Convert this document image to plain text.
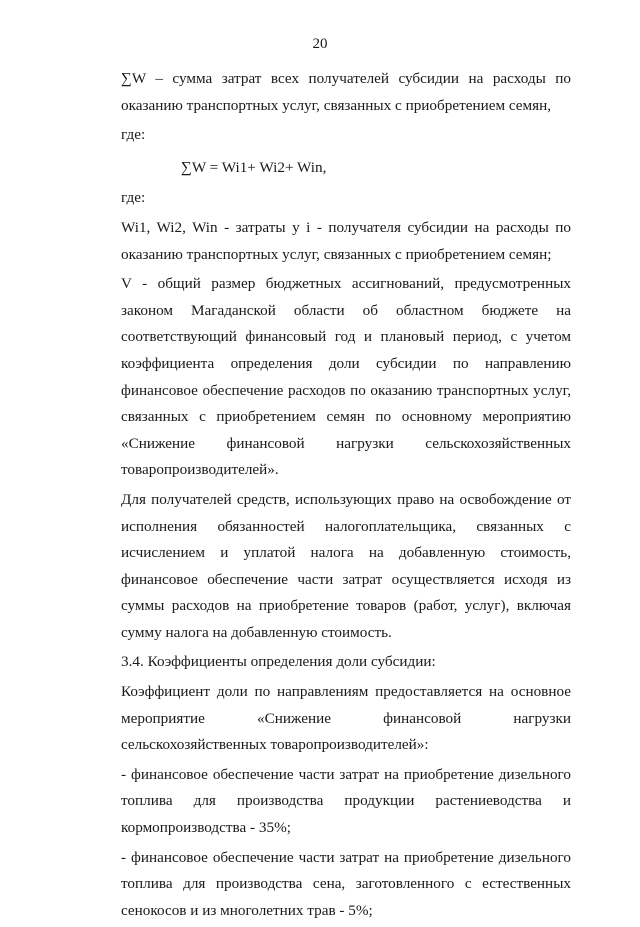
20

∑W – сумма затрат всех получателей субсидии на расходы по оказанию транспортных услуг, связанных с приобретением семян,

где:

∑W = Wi1+ Wi2+ Win,

где:

Wi1, Wi2, Win - затраты у i - получателя субсидии на расходы по оказанию транспортных услуг, связанных с приобретением семян;

V - общий размер бюджетных ассигнований, предусмотренных законом Магаданской области об областном бюджете на соответствующий финансовый год и плановый период, с учетом коэффициента определения доли субсидии по направлению финансовое обеспечение расходов по оказанию транспортных услуг, связанных с приобретением семян по основному мероприятию «Снижение финансовой нагрузки сельскохозяйственных товаропроизводителей».

Для получателей средств, использующих право на освобождение от исполнения обязанностей налогоплательщика, связанных с исчислением и уплатой налога на добавленную стоимость, финансовое обеспечение части затрат осуществляется исходя из суммы расходов на приобретение товаров (работ, услуг), включая сумму налога на добавленную стоимость.

3.4. Коэффициенты определения доли субсидии:

Коэффициент доли по направлениям предоставляется на основное мероприятие «Снижение финансовой нагрузки сельскохозяйственных товаропроизводителей»:

- финансовое обеспечение части затрат на приобретение дизельного топлива для производства продукции растениеводства и кормопроизводства - 35%;

- финансовое обеспечение части затрат на приобретение дизельного топлива для производства сена, заготовленного с естественных сенокосов и из многолетних трав - 5%;
